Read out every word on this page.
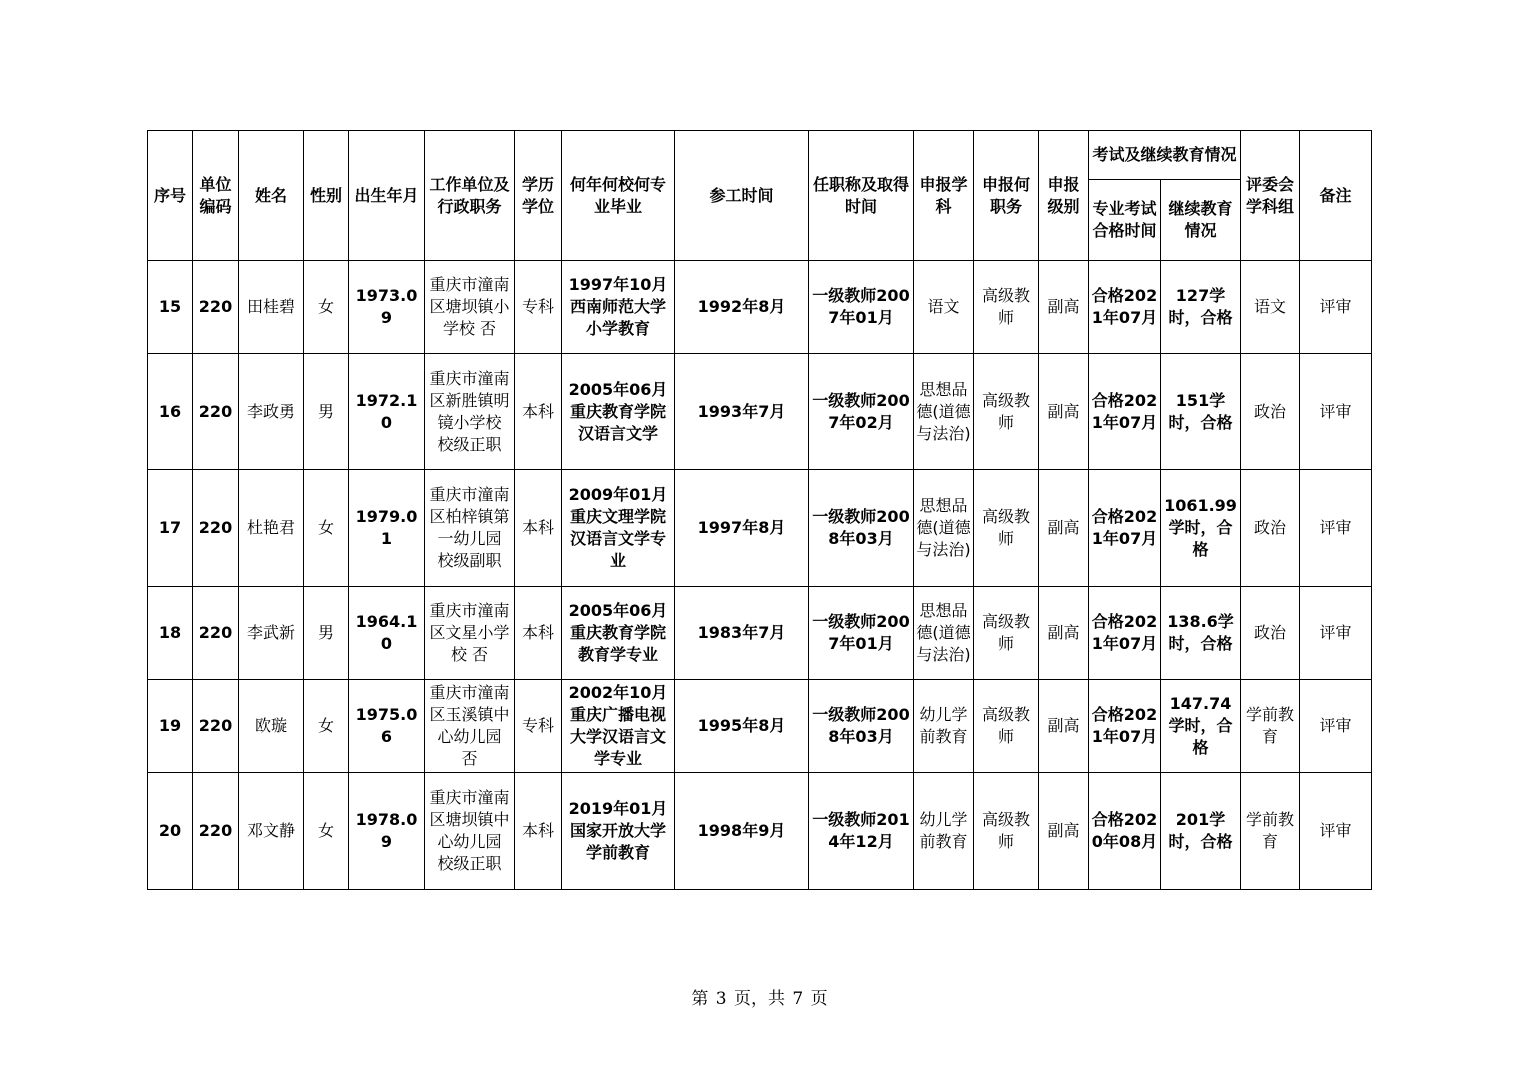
序号	单位编码	姓名	性别	出生年月	工作单位及行政职务	学历学位	何年何校何专业毕业	参工时间	任职称及取得时间	申报学科	申报何职务	申报级别	考试及继续教育情况		评委会学科组	备注
													专业考试合格时间	继续教育情况		
15	220	田桂碧	女	1973.09	重庆市潼南区塘坝镇小学校 否	专科	1997年10月西南师范大学小学教育	1992年8月	一级教师2007年01月	语文	高级教师	副高	合格2021年07月	127学时，合格	语文	评审
16	220	李政勇	男	1972.10	重庆市潼南区新胜镇明镜小学校 校级正职	本科	2005年06月重庆教育学院汉语言文学	1993年7月	一级教师2007年02月	思想品德(道德与法治)	高级教师	副高	合格2021年07月	151学时，合格	政治	评审
17	220	杜艳君	女	1979.01	重庆市潼南区柏梓镇第一幼儿园 校级副职	本科	2009年01月重庆文理学院汉语言文学专业	1997年8月	一级教师2008年03月	思想品德(道德与法治)	高级教师	副高	合格2021年07月	1061.99学时，合格	政治	评审
18	220	李武新	男	1964.10	重庆市潼南区文星小学校 否	本科	2005年06月重庆教育学院教育学专业	1983年7月	一级教师2007年01月	思想品德(道德与法治)	高级教师	副高	合格2021年07月	138.6学时，合格	政治	评审
19	220	欧璇	女	1975.06	重庆市潼南区玉溪镇中心幼儿园 否	专科	2002年10月重庆广播电视大学汉语言文学专业	1995年8月	一级教师2008年03月	幼儿学前教育	高级教师	副高	合格2021年07月	147.74学时，合格	学前教育	评审
20	220	邓文静	女	1978.09	重庆市潼南区塘坝镇中心幼儿园 校级正职	本科	2019年01月国家开放大学学前教育	1998年9月	一级教师2014年12月	幼儿学前教育	高级教师	副高	合格2020年08月	201学时，合格	学前教育	评审
第 3 页，共 7 页
